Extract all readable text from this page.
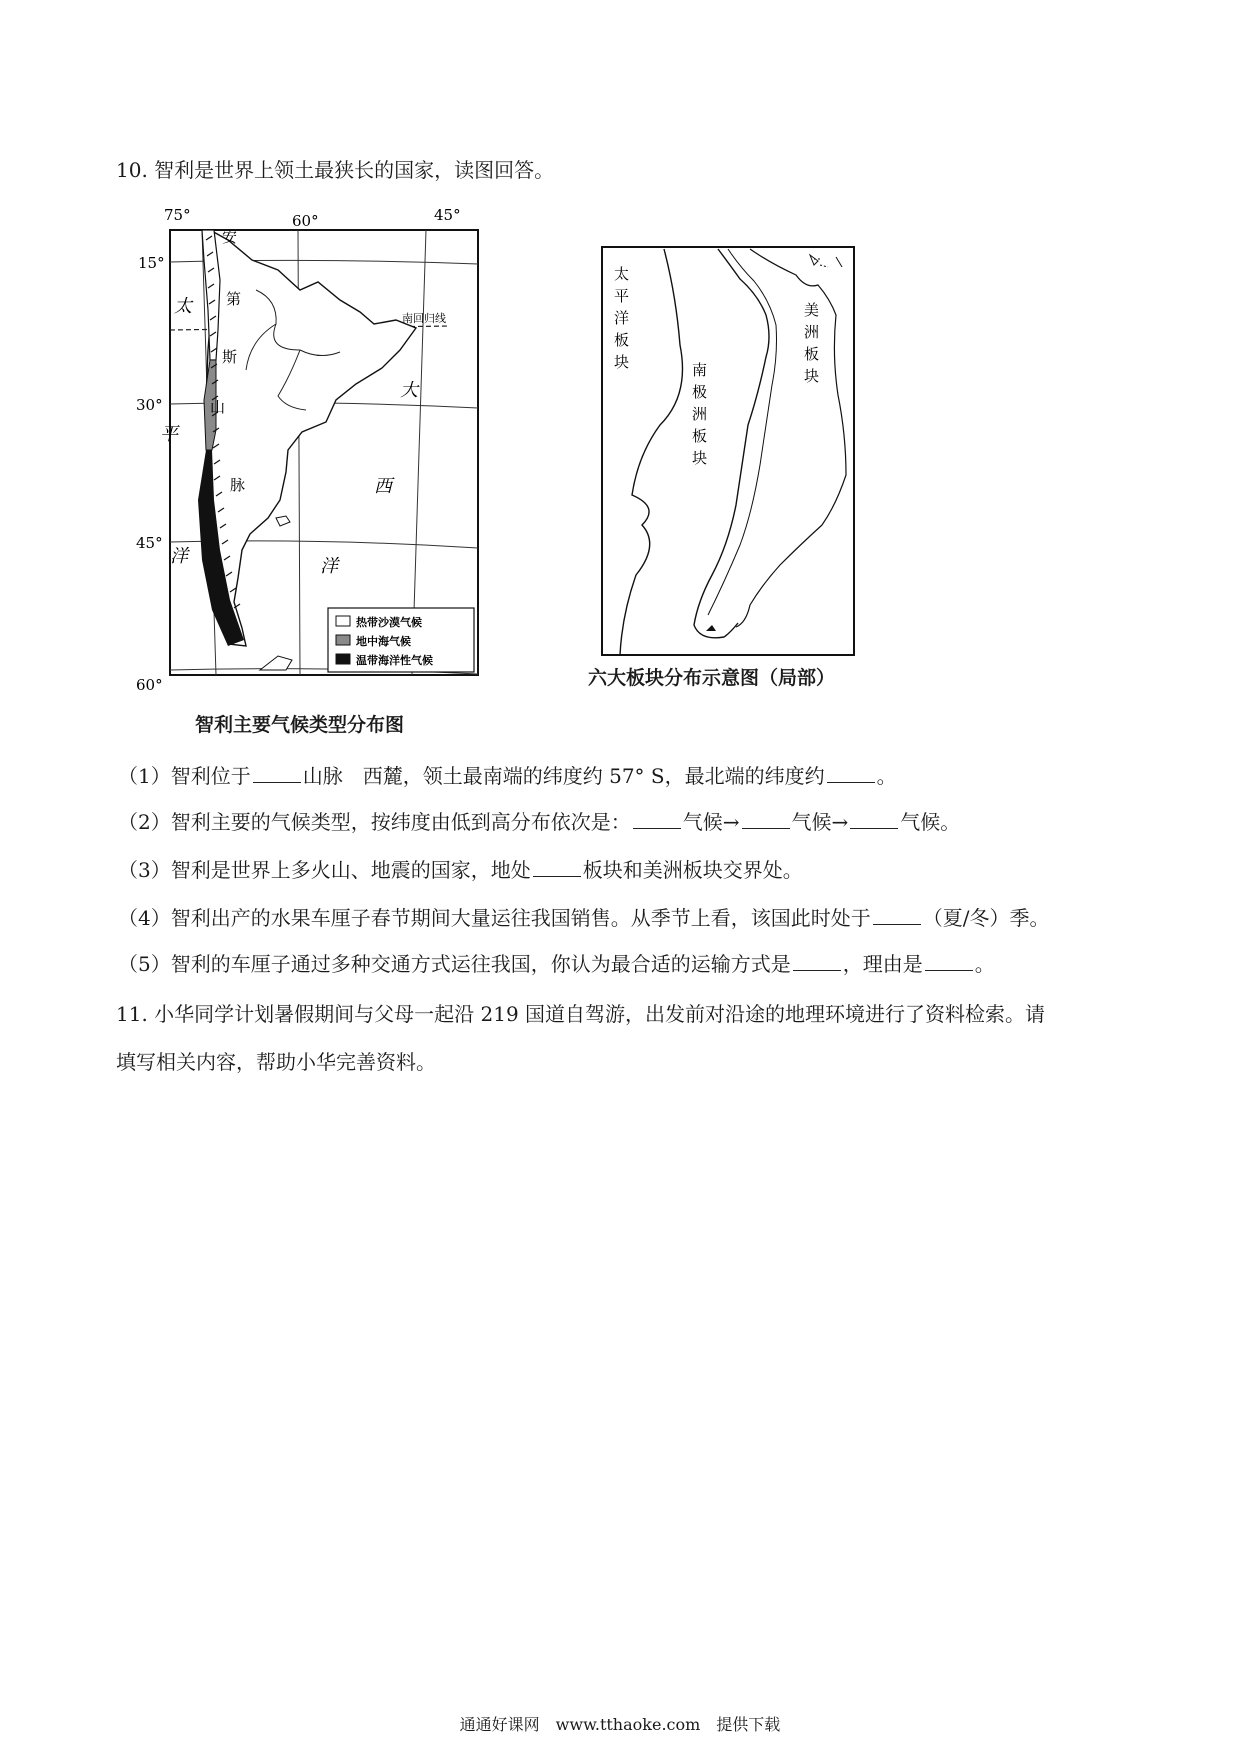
10. 智利是世界上领土最狭长的国家，读图回答。
75°	60°	45°
15°
30°
45°
60°
南回归线
太
平
洋
大
西
洋
安
第
斯
山
脉
热带沙漠气候
地中海气候
温带海洋性气候
智利主要气候类型分布图
太
平
洋
板
块	南
极
洲
板
块
美
洲
板
块
六大板块分布示意图（局部）
（1）智利位于	山脉　西麓，领土最南端的纬度约 57° S，最北端的纬度约	。
（2）智利主要的气候类型，按纬度由低到高分布依次是：	气候→	气候→	气候。
（3）智利是世界上多火山、地震的国家，地处	板块和美洲板块交界处。
（4）智利出产的水果车厘子春节期间大量运往我国销售。从季节上看，该国此时处于	（夏/冬）季。
（5）智利的车厘子通过多种交通方式运往我国，你认为最合适的运输方式是	，理由是	。
11. 小华同学计划暑假期间与父母一起沿 219 国道自驾游，出发前对沿途的地理环境进行了资料检索。请
填写相关内容，帮助小华完善资料。
通通好课网　www.tthaoke.com　提供下载
